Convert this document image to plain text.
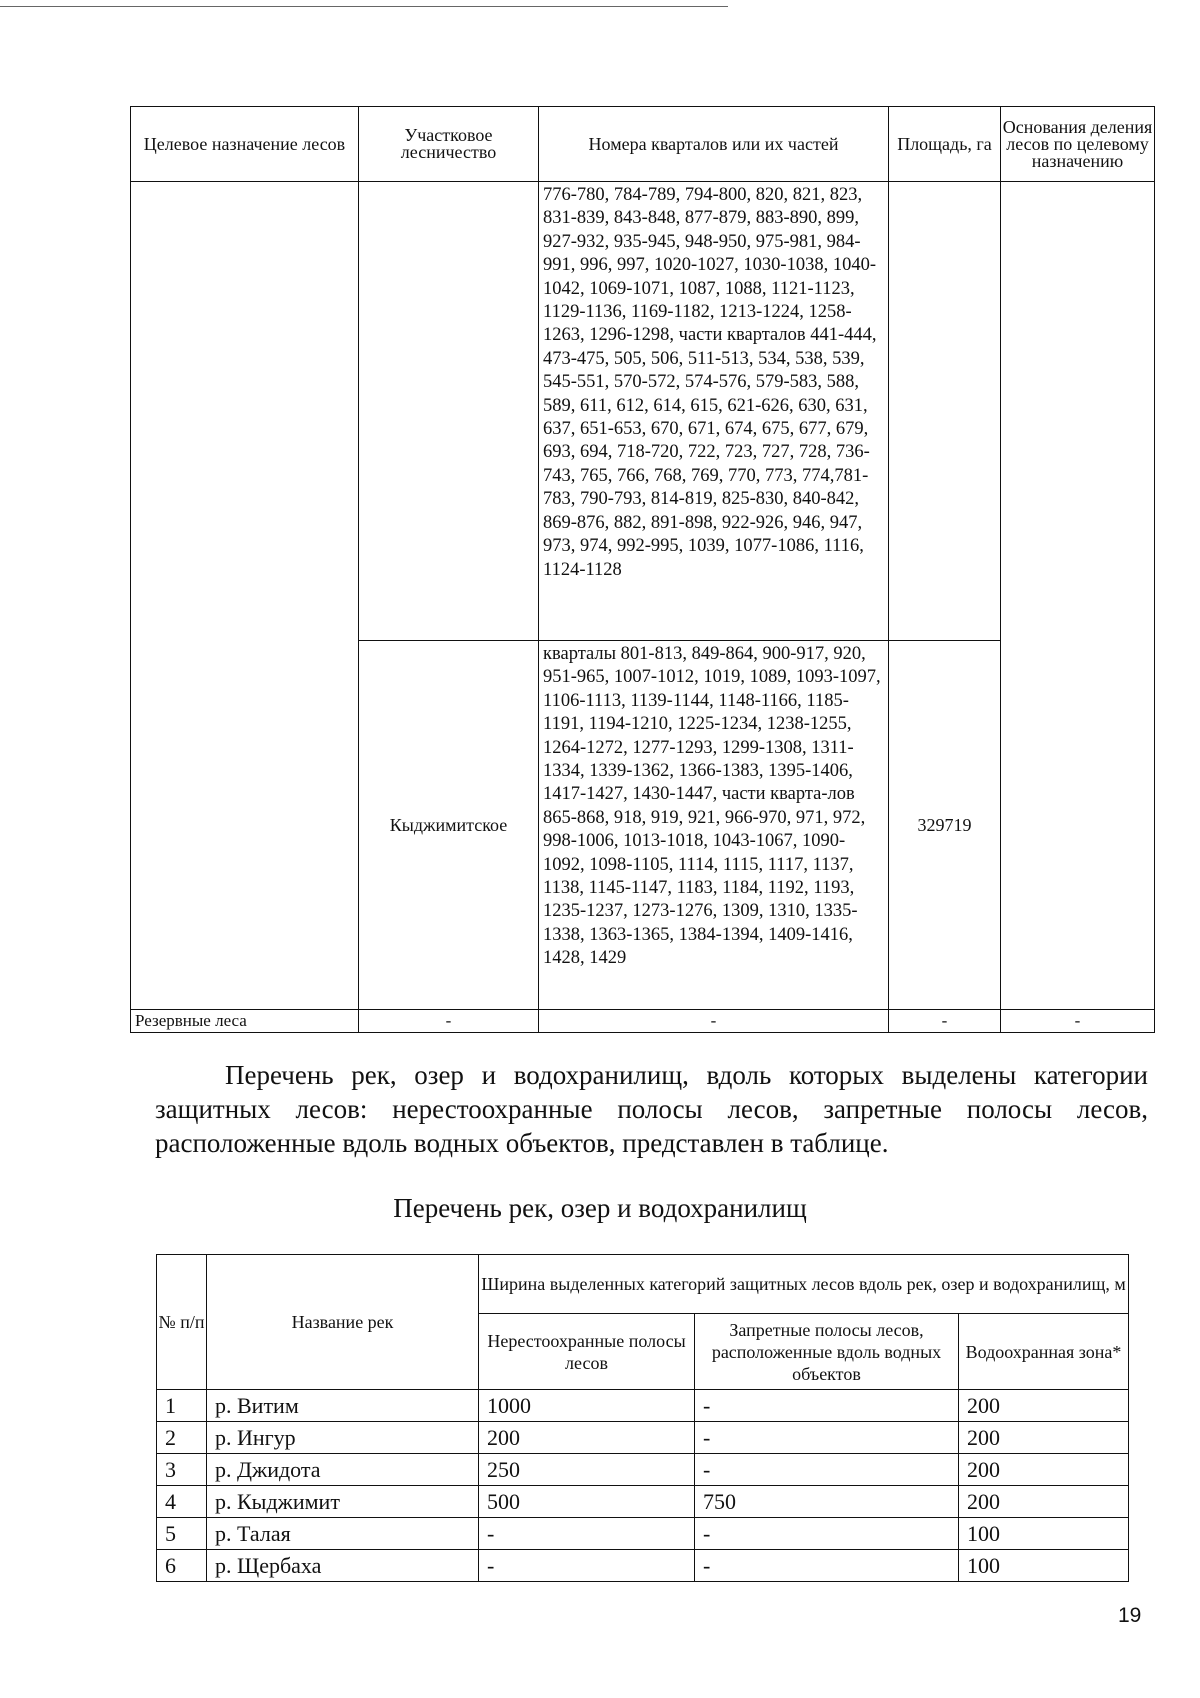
Целевое назначение лесов	Участковое лесничество	Номера кварталов или их частей	Площадь, га	Основания деления лесов по целевому назначению
		776-780, 784-789, 794-800, 820, 821, 823, 831-839, 843-848, 877-879, 883-890, 899, 927-932, 935-945, 948-950, 975-981, 984-991, 996, 997, 1020-1027, 1030-1038, 1040-1042, 1069-1071, 1087, 1088, 1121-1123, 1129-1136, 1169-1182, 1213-1224, 1258-1263, 1296-1298, части кварталов 441-444, 473-475, 505, 506, 511-513, 534, 538, 539, 545-551, 570-572, 574-576, 579-583, 588, 589, 611, 612, 614, 615, 621-626, 630, 631, 637, 651-653, 670, 671, 674, 675, 677, 679, 693, 694, 718-720, 722, 723, 727, 728, 736-743, 765, 766, 768, 769, 770, 773, 774,781-783, 790-793, 814-819, 825-830, 840-842, 869-876, 882, 891-898, 922-926, 946, 947, 973, 974, 992-995, 1039, 1077-1086, 1116, 1124-1128		
	Кыджимитское	кварталы 801-813, 849-864, 900-917, 920, 951-965, 1007-1012, 1019, 1089, 1093-1097, 1106-1113, 1139-1144, 1148-1166, 1185-1191, 1194-1210, 1225-1234, 1238-1255, 1264-1272, 1277-1293, 1299-1308, 1311-1334, 1339-1362, 1366-1383, 1395-1406, 1417-1427, 1430-1447, части кварта-лов 865-868, 918, 919, 921, 966-970, 971, 972, 998-1006, 1013-1018, 1043-1067, 1090-1092, 1098-1105, 1114, 1115, 1117, 1137, 1138, 1145-1147, 1183, 1184, 1192, 1193, 1235-1237, 1273-1276, 1309, 1310, 1335-1338, 1363-1365, 1384-1394, 1409-1416, 1428, 1429	329719	
Резервные леса	-	-	-	-
Перечень рек, озер и водохранилищ, вдоль которых выделены категории защитных лесов: нерестоохранные полосы лесов, запретные полосы лесов, расположенные вдоль водных объектов, представлен в таблице.
Перечень рек, озер и водохранилищ
№ п/п	Название рек	Ширина выделенных категорий защитных лесов вдоль рек, озер и водохранилищ, м		
		Нерестоохранные полосы лесов	Запретные полосы лесов, расположенные вдоль водных объектов	Водоохранная зона*
1	р. Витим	1000	-	200
2	р. Ингур	200	-	200
3	р. Джидота	250	-	200
4	р. Кыджимит	500	750	200
5	р. Талая	-	-	100
6	р. Щербаха	-	-	100
19
